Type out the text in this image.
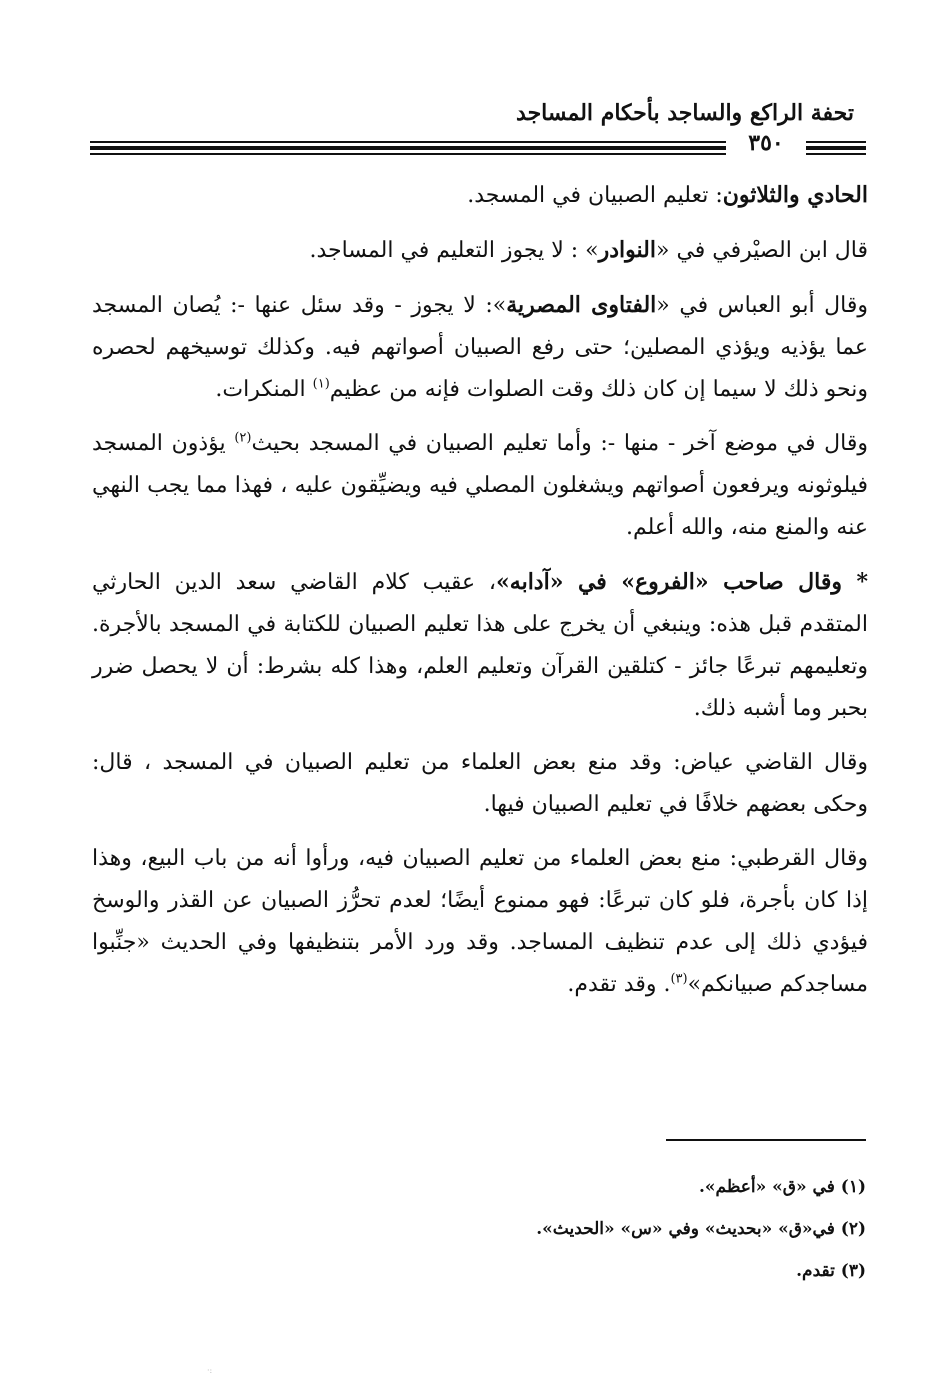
تحفة الراكع والساجد بأحكام المساجد
٣٥٠

الحادي والثلاثون: تعليم الصبيان في المسجد.

قال ابن الصيْرفي في «النوادر» : لا يجوز التعليم في المساجد.

وقال أبو العباس في «الفتاوى المصرية»: لا يجوز - وقد سئل عنها -: يُصان المسجد عما يؤذيه ويؤذي المصلين؛ حتى رفع الصبيان أصواتهم فيه. وكذلك توسيخهم لحصره ونحو ذلك لا سيما إن كان ذلك وقت الصلوات فإنه من عظيم$^{(١)}$ المنكرات.

وقال في موضع آخر - منها -: وأما تعليم الصبيان في المسجد بحيث$^{(٢)}$ يؤذون المسجد فيلوثونه ويرفعون أصواتهم ويشغلون المصلي فيه ويضيِّقون عليه ، فهذا مما يجب النهي عنه والمنع منه، والله أعلم.

* وقال صاحب «الفروع» في «آدابه»، عقيب كلام القاضي سعد الدين الحارثي المتقدم قبل هذه: وينبغي أن يخرج على هذا تعليم الصبيان للكتابة في المسجد بالأجرة. وتعليمهم تبرعًا جائز - كتلقين القرآن وتعليم العلم، وهذا كله بشرط: أن لا يحصل ضرر بحبر وما أشبه ذلك.

وقال القاضي عياض: وقد منع بعض العلماء من تعليم الصبيان في المسجد ، قال: وحكى بعضهم خلافًا في تعليم الصبيان فيها.

وقال القرطبي: منع بعض العلماء من تعليم الصبيان فيه، ورأوا أنه من باب البيع، وهذا إذا كان بأجرة، فلو كان تبرعًا: فهو ممنوع أيضًا؛ لعدم تحرُّز الصبيان عن القذر والوسخ فيؤدي ذلك إلى عدم تنظيف المساجد. وقد ورد الأمر بتنظيفها وفي الحديث «جنِّبوا مساجدكم صبيانكم»$^{(٣)}$. وقد تقدم.

(١) في «ق» «أعظم».
(٢) في«ق» «بحديث» وفي «س» «الحديث».
(٣) تقدم.
·:
